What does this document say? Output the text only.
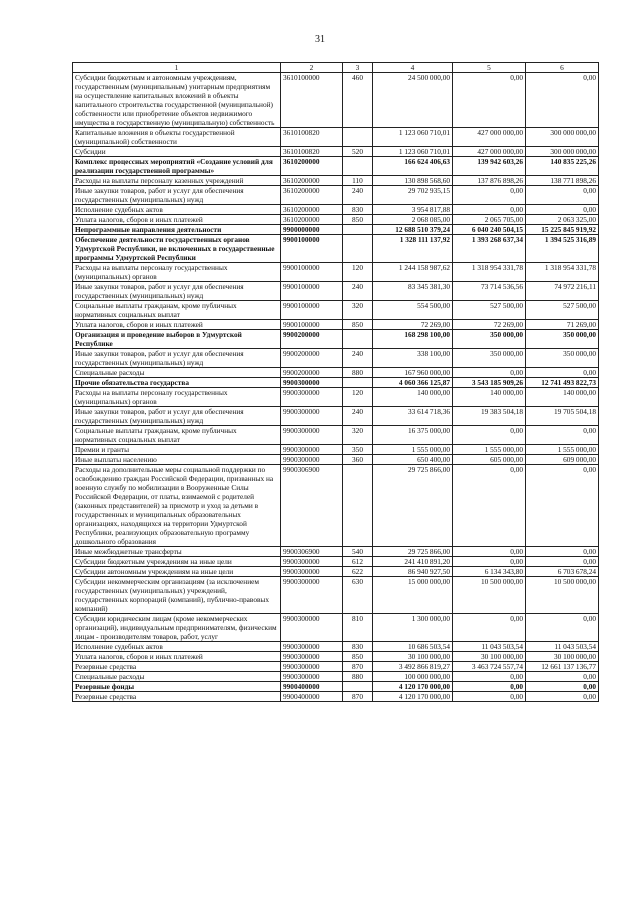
31
1	2	3	4	5	6
Субсидии бюджетным и автономным учреждениям, государственным (муниципальным) унитарным предприятиям на осуществление капитальных вложений в объекты капитального строительства государственной (муниципальной) собственности или приобретение объектов недвижимого имущества в государственную (муниципальную) собственность	3610100000	460	24 500 000,00	0,00	0,00
Капитальные вложения в объекты государственной (муниципальной) собственности	3610100820		1 123 060 710,01	427 000 000,00	300 000 000,00
Субсидии	3610100820	520	1 123 060 710,01	427 000 000,00	300 000 000,00
Комплекс процессных мероприятий «Создание условий для реализации государственной программы»	3610200000		166 624 406,63	139 942 603,26	140 835 225,26
Расходы на выплаты персоналу казенных учреждений	3610200000	110	130 898 568,60	137 876 898,26	138 771 898,26
Иные закупки товаров, работ и услуг для обеспечения государственных (муниципальных) нужд	3610200000	240	29 702 935,15	0,00	0,00
Исполнение судебных актов	3610200000	830	3 954 817,88	0,00	0,00
Уплата налогов, сборов и иных платежей	3610200000	850	2 068 085,00	2 065 705,00	2 063 325,00
Непрограммные направления деятельности	9900000000		12 688 510 379,24	6 040 240 504,15	15 225 845 919,92
Обеспечение деятельности государственных органов Удмуртской Республики, не включенных в государственные программы Удмуртской Республики	9900100000		1 328 111 137,92	1 393 268 637,34	1 394 525 316,89
Расходы на выплаты персоналу государственных (муниципальных) органов	9900100000	120	1 244 158 987,62	1 318 954 331,78	1 318 954 331,78
Иные закупки товаров, работ и услуг для обеспечения государственных (муниципальных) нужд	9900100000	240	83 345 381,30	73 714 536,56	74 972 216,11
Социальные выплаты гражданам, кроме публичных нормативных социальных выплат	9900100000	320	554 500,00	527 500,00	527 500,00
Уплата налогов, сборов и иных платежей	9900100000	850	72 269,00	72 269,00	71 269,00
Организация и проведение выборов в Удмуртской Республике	9900200000		168 298 100,00	350 000,00	350 000,00
Иные закупки товаров, работ и услуг для обеспечения государственных (муниципальных) нужд	9900200000	240	338 100,00	350 000,00	350 000,00
Специальные расходы	9900200000	880	167 960 000,00	0,00	0,00
Прочие обязательства государства	9900300000		4 060 366 125,87	3 543 185 909,26	12 741 493 822,73
Расходы на выплаты персоналу государственных (муниципальных) органов	9900300000	120	140 000,00	140 000,00	140 000,00
Иные закупки товаров, работ и услуг для обеспечения государственных (муниципальных) нужд	9900300000	240	33 614 718,36	19 383 504,18	19 705 504,18
Социальные выплаты гражданам, кроме публичных нормативных социальных выплат	9900300000	320	16 375 000,00	0,00	0,00
Премии и гранты	9900300000	350	1 555 000,00	1 555 000,00	1 555 000,00
Иные выплаты населению	9900300000	360	650 400,00	605 000,00	609 000,00
Расходы на дополнительные меры социальной поддержки по освобождению граждан Российской Федерации, призванных на военную службу по мобилизации в Вооруженные Силы Российской Федерации, от платы, взимаемой с родителей (законных представителей) за присмотр и уход за детьми в государственных и муниципальных образовательных организациях, находящихся на территории Удмуртской Республики, реализующих образовательную программу дошкольного образования	9900306900		29 725 866,00	0,00	0,00
Иные межбюджетные трансферты	9900306900	540	29 725 866,00	0,00	0,00
Субсидии бюджетным учреждениям на иные цели	9900300000	612	241 410 891,20	0,00	0,00
Субсидии автономным учреждениям на иные цели	9900300000	622	86 940 927,50	6 134 343,80	6 703 678,24
Субсидии некоммерческим организациям (за исключением государственных (муниципальных) учреждений, государственных корпораций (компаний), публично-правовых компаний)	9900300000	630	15 000 000,00	10 500 000,00	10 500 000,00
Субсидии юридическим лицам (кроме некоммерческих организаций), индивидуальным предпринимателям, физическим лицам - производителям товаров, работ, услуг	9900300000	810	1 300 000,00	0,00	0,00
Исполнение судебных актов	9900300000	830	10 686 503,54	11 043 503,54	11 043 503,54
Уплата налогов, сборов и иных платежей	9900300000	850	30 100 000,00	30 100 000,00	30 100 000,00
Резервные средства	9900300000	870	3 492 866 819,27	3 463 724 557,74	12 661 137 136,77
Специальные расходы	9900300000	880	100 000 000,00	0,00	0,00
Резервные фонды	9900400000		4 120 170 000,00	0,00	0,00
Резервные средства	9900400000	870	4 120 170 000,00	0,00	0,00
